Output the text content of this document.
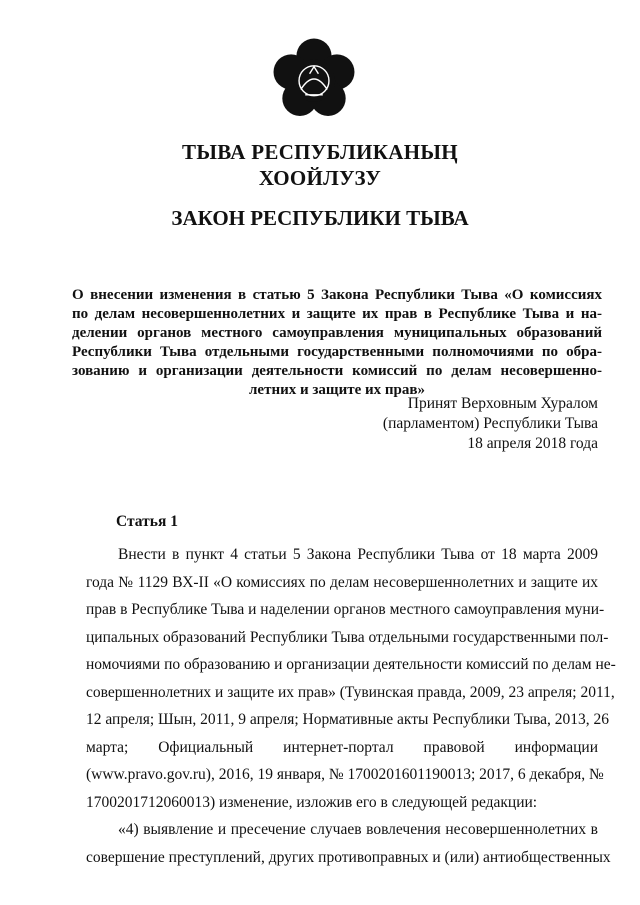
ТЫВА РЕСПУБЛИКАНЫҢ
ХООЙЛУЗУ
ЗАКОН РЕСПУБЛИКИ ТЫВА
О внесении изменения в статью 5 Закона Республики Тыва «О комиссиях
по делам несовершеннолетних и защите их прав в Республике Тыва и на-
делении органов местного самоуправления муниципальных образований
Республики Тыва отдельными государственными полномочиями по обра-
зованию и организации деятельности комиссий по делам несовершенно-
летних и защите их прав»
Принят Верховным Хуралом
(парламентом) Республики Тыва
18 апреля 2018 года
Статья 1
Внести в пункт 4 статьи 5 Закона Республики Тыва от 18 марта 2009
года № 1129 ВХ-II «О комиссиях по делам несовершеннолетних и защите их
прав в Республике Тыва и наделении органов местного самоуправления муни-
ципальных образований Республики Тыва отдельными государственными пол-
номочиями по образованию и организации деятельности комиссий по делам не-
совершеннолетних и защите их прав» (Тувинская правда, 2009, 23 апреля; 2011,
12 апреля; Шын, 2011, 9 апреля; Нормативные акты Республики Тыва, 2013, 26
марта; Официальный интернет-портал правовой информации
(www.pravo.gov.ru), 2016, 19 января, № 1700201601190013; 2017, 6 декабря, №
1700201712060013) изменение, изложив его в следующей редакции:
«4) выявление и пресечение случаев вовлечения несовершеннолетних в
совершение преступлений, других противоправных и (или) антиобщественных
